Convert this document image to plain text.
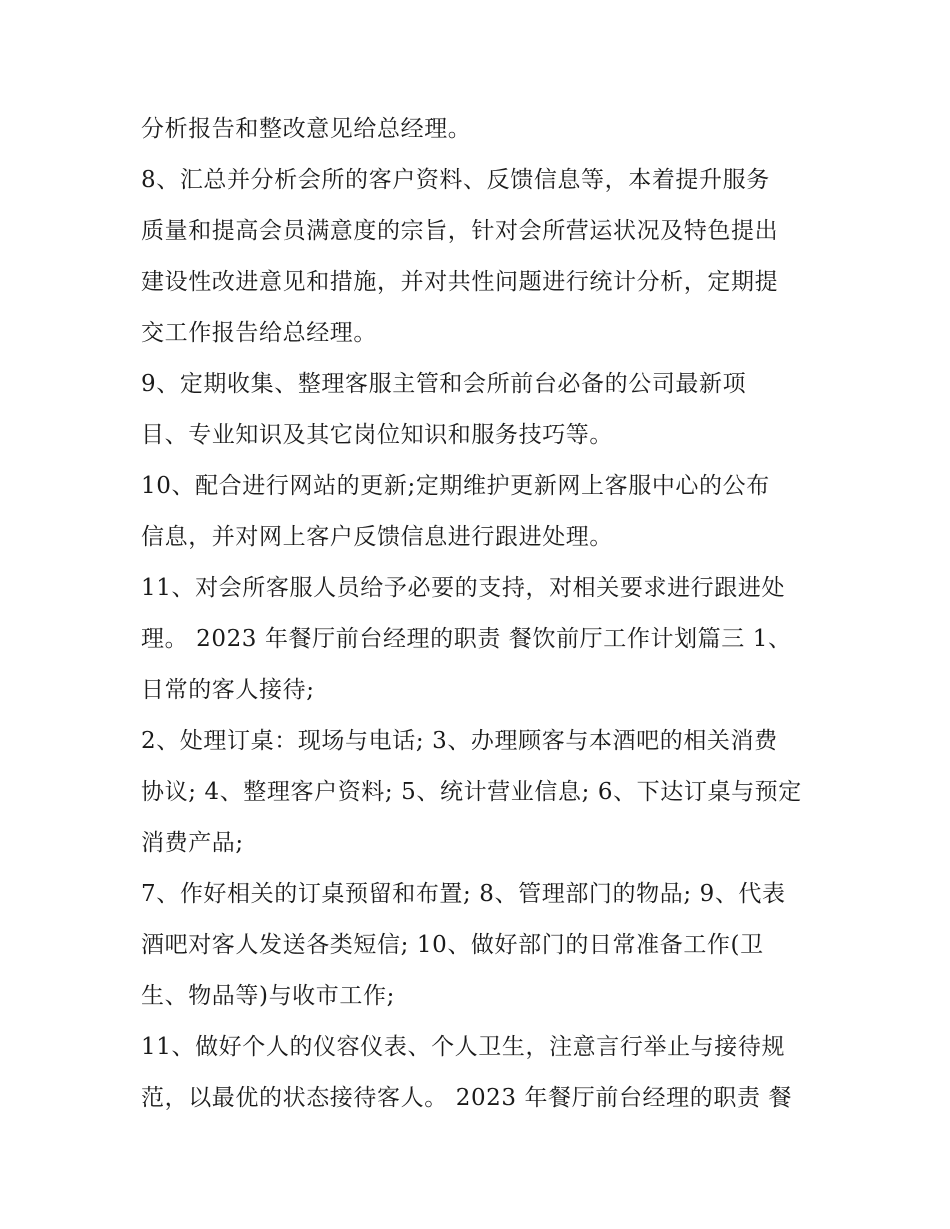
分析报告和整改意见给总经理。
8、汇总并分析会所的客户资料、反馈信息等，本着提升服务
质量和提高会员满意度的宗旨，针对会所营运状况及特色提出
建设性改进意见和措施，并对共性问题进行统计分析，定期提
交工作报告给总经理。
9、定期收集、整理客服主管和会所前台必备的公司最新项
目、专业知识及其它岗位知识和服务技巧等。
10、配合进行网站的更新;定期维护更新网上客服中心的公布
信息，并对网上客户反馈信息进行跟进处理。
11、对会所客服人员给予必要的支持，对相关要求进行跟进处
理。 2023 年餐厅前台经理的职责 餐饮前厅工作计划篇三 1、
日常的客人接待;
2、处理订桌：现场与电话; 3、办理顾客与本酒吧的相关消费
协议; 4、整理客户资料; 5、统计营业信息; 6、下达订桌与预定
消费产品;
7、作好相关的订桌预留和布置; 8、管理部门的物品; 9、代表
酒吧对客人发送各类短信; 10、做好部门的日常准备工作(卫
生、物品等)与收市工作;
11、做好个人的仪容仪表、个人卫生，注意言行举止与接待规
范，以最优的状态接待客人。 2023 年餐厅前台经理的职责 餐
